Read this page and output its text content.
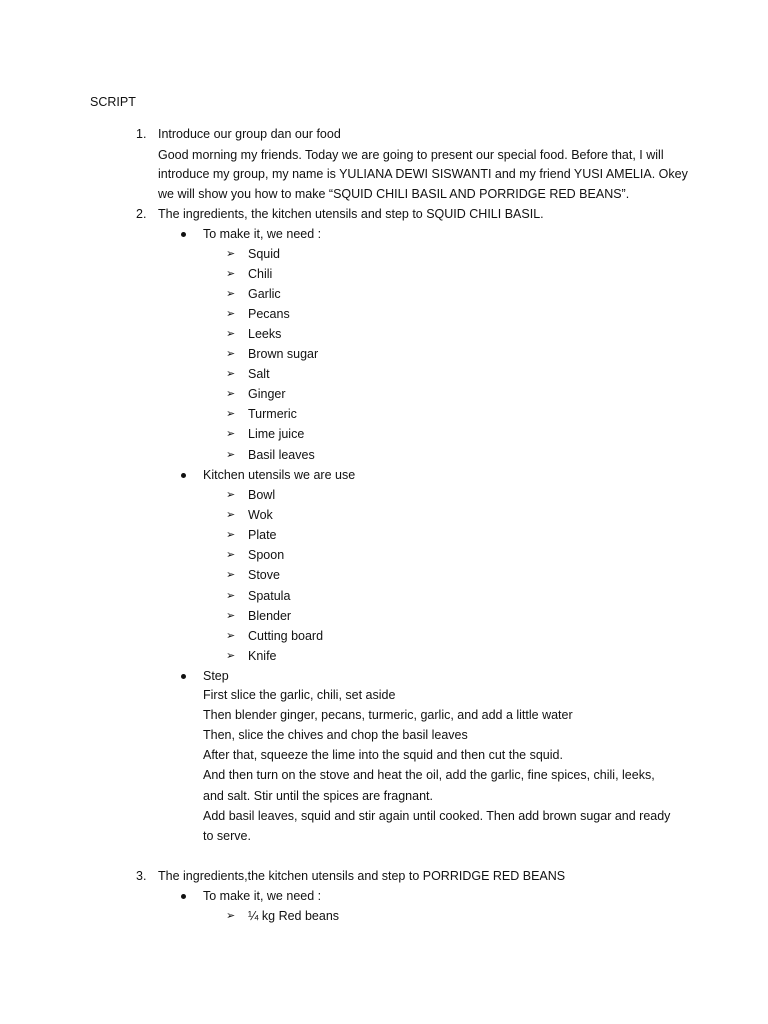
SCRIPT
1. Introduce our group dan our food
Good morning my friends. Today we are going to present our special food. Before that, I will
introduce my group, my name is YULIANA DEWI SISWANTI and my friend YUSI AMELIA. Okey
we will show you how to make “SQUID CHILI BASIL AND PORRIDGE RED BEANS”.
2. The ingredients, the kitchen utensils and step to SQUID CHILI BASIL.
To make it, we need :
➢ Squid
➢ Chili
➢ Garlic
➢ Pecans
➢ Leeks
➢ Brown sugar
➢ Salt
➢ Ginger
➢ Turmeric
➢ Lime juice
➢ Basil leaves
Kitchen utensils we are use
➢ Bowl
➢ Wok
➢ Plate
➢ Spoon
➢ Stove
➢ Spatula
➢ Blender
➢ Cutting board
➢ Knife
Step
First slice the garlic, chili, set aside
Then blender ginger, pecans, turmeric, garlic, and add a little water
Then, slice the chives and chop the basil leaves
After that, squeeze the lime into the squid and then cut the squid.
And then turn on the stove and heat the oil, add the garlic, fine spices, chili, leeks,
and salt. Stir until the spices are fragnant.
Add basil leaves, squid and stir again until cooked. Then add brown sugar and ready
to serve.
3. The ingredients,the kitchen utensils and step to PORRIDGE RED BEANS
To make it, we need :
➢ ¼ kg Red beans
